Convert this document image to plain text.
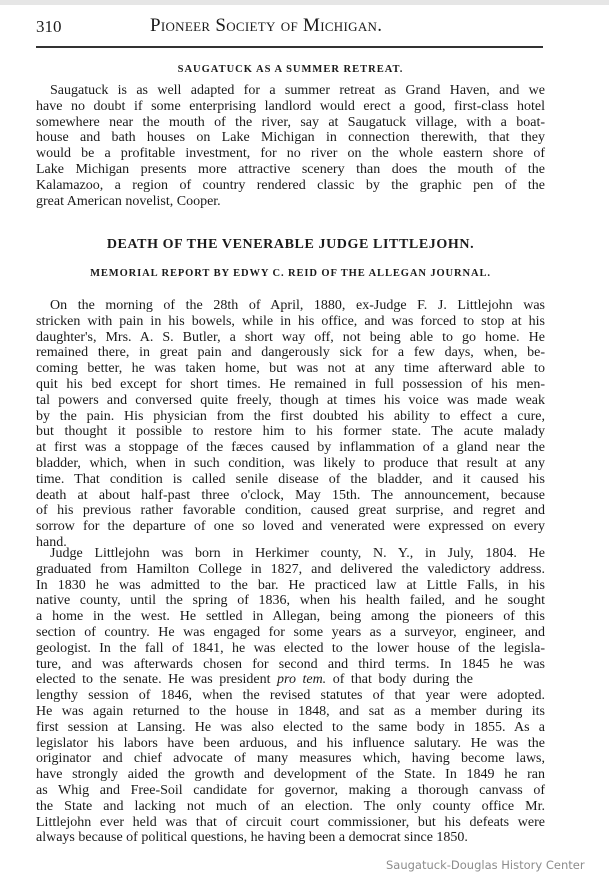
310	Pioneer Society of Michigan.
SAUGATUCK AS A SUMMER RETREAT.
Saugatuck is as well adapted for a summer retreat as Grand Haven, and we
have no doubt if some enterprising landlord would erect a good, first-class hotel
somewhere near the mouth of the river, say at Saugatuck village, with a boat-
house and bath houses on Lake Michigan in connection therewith, that they
would be a profitable investment, for no river on the whole eastern shore of
Lake Michigan presents more attractive scenery than does the mouth of the
Kalamazoo, a region of country rendered classic by the graphic pen of the
great American novelist, Cooper.
DEATH OF THE VENERABLE JUDGE LITTLEJOHN.
MEMORIAL REPORT BY EDWY C. REID OF THE ALLEGAN JOURNAL.
On the morning of the 28th of April, 1880, ex-Judge F. J. Littlejohn was
stricken with pain in his bowels, while in his office, and was forced to stop at his
daughter's, Mrs. A. S. Butler, a short way off, not being able to go home. He
remained there, in great pain and dangerously sick for a few days, when, be-
coming better, he was taken home, but was not at any time afterward able to
quit his bed except for short times. He remained in full possession of his men-
tal powers and conversed quite freely, though at times his voice was made weak
by the pain. His physician from the first doubted his ability to effect a cure,
but thought it possible to restore him to his former state. The acute malady
at first was a stoppage of the fæces caused by inflammation of a gland near the
bladder, which, when in such condition, was likely to produce that result at any
time. That condition is called senile disease of the bladder, and it caused his
death at about half-past three o'clock, May 15th. The announcement, because
of his previous rather favorable condition, caused great surprise, and regret and
sorrow for the departure of one so loved and venerated were expressed on every
hand.
Judge Littlejohn was born in Herkimer county, N. Y., in July, 1804. He
graduated from Hamilton College in 1827, and delivered the valedictory address.
In 1830 he was admitted to the bar. He practiced law at Little Falls, in his
native county, until the spring of 1836, when his health failed, and he sought
a home in the west. He settled in Allegan, being among the pioneers of this
section of country. He was engaged for some years as a surveyor, engineer, and
geologist. In the fall of 1841, he was elected to the lower house of the legisla-
ture, and was afterwards chosen for second and third terms. In 1845 he was
elected to the senate. He was president pro tem. of that body during the
lengthy session of 1846, when the revised statutes of that year were adopted.
He was again returned to the house in 1848, and sat as a member during its
first session at Lansing. He was also elected to the same body in 1855. As a
legislator his labors have been arduous, and his influence salutary. He was the
originator and chief advocate of many measures which, having become laws,
have strongly aided the growth and development of the State. In 1849 he ran
as Whig and Free-Soil candidate for governor, making a thorough canvass of
the State and lacking not much of an election. The only county office Mr.
Littlejohn ever held was that of circuit court commissioner, but his defeats were
always because of political questions, he having been a democrat since 1850.
Saugatuck-Douglas History Center
